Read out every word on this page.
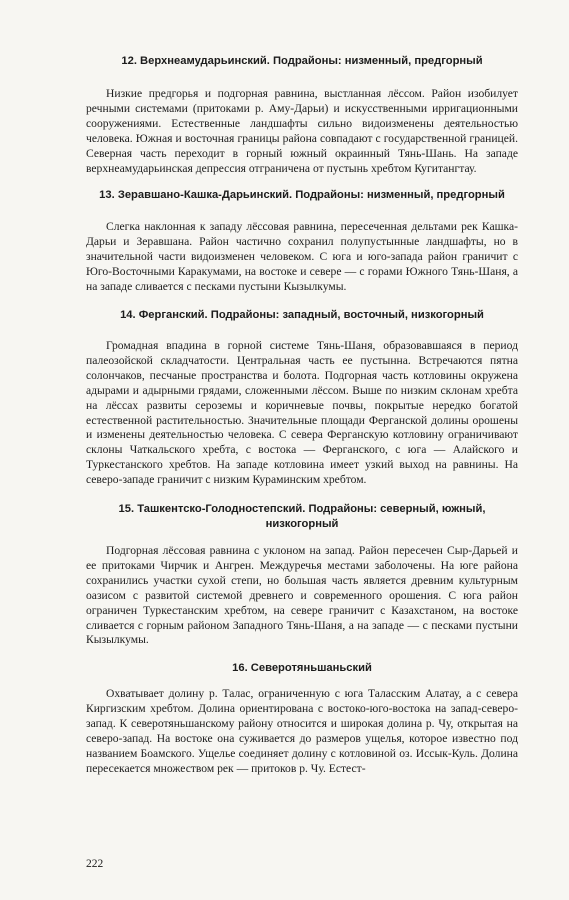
12. Верхнеамударьинский. Подрайоны: низменный, предгорный

Низкие предгорья и подгорная равнина, выстланная лёссом. Район изобилует речными системами (притоками р. Аму-Дарьи) и искусственными ирригационными сооружениями. Естественные ландшафты сильно видоизменены деятельностью человека. Южная и восточная границы района совпадают с государственной границей. Северная часть переходит в горный южный окраинный Тянь-Шань. На западе верхнеамударьинская депрессия отграничена от пустынь хребтом Кугитангтау.

13. Зеравшано-Кашка-Дарьинский. Подрайоны: низменный, предгорный

Слегка наклонная к западу лёссовая равнина, пересеченная дельтами рек Кашка-Дарьи и Зеравшана. Район частично сохранил полупустынные ландшафты, но в значительной части видоизменен человеком. С юга и юго-запада район граничит с Юго-Восточными Каракумами, на востоке и севере — с горами Южного Тянь-Шаня, а на западе сливается с песками пустыни Кызылкумы.

14. Ферганский. Подрайоны: западный, восточный, низкогорный

Громадная впадина в горной системе Тянь-Шаня, образовавшаяся в период палеозойской складчатости. Центральная часть ее пустынна. Встречаются пятна солончаков, песчаные пространства и болота. Подгорная часть котловины окружена адырами и адырными грядами, сложенными лёссом. Выше по низким склонам хребта на лёссах развиты сероземы и коричневые почвы, покрытые нередко богатой естественной растительностью. Значительные площади Ферганской долины орошены и изменены деятельностью человека. С севера Ферганскую котловину ограничивают склоны Чаткальского хребта, с востока — Ферганского, с юга — Алайского и Туркестанского хребтов. На западе котловина имеет узкий выход на равнины. На северо-западе граничит с низким Кураминским хребтом.

15. Ташкентско-Голодностепский. Подрайоны: северный, южный, низкогорный

Подгорная лёссовая равнина с уклоном на запад. Район пересечен Сыр-Дарьей и ее притоками Чирчик и Ангрен. Междуречья местами заболочены. На юге района сохранились участки сухой степи, но большая часть является древним культурным оазисом с развитой системой древнего и современного орошения. С юга район ограничен Туркестанским хребтом, на севере граничит с Казахстаном, на востоке сливается с горным районом Западного Тянь-Шаня, а на западе — с песками пустыни Кызылкумы.

16. Северотяньшаньский

Охватывает долину р. Талас, ограниченную с юга Таласским Алатау, а с севера Киргизским хребтом. Долина ориентирована с востоко-юго-востока на запад-северо-запад. К северотяньшанскому району относится и широкая долина р. Чу, открытая на северо-запад. На востоке она суживается до размеров ущелья, которое известно под названием Боамского. Ущелье соединяет долину с котловиной оз. Иссык-Куль. Долина пересекается множеством рек — притоков р. Чу. Естест-

222
